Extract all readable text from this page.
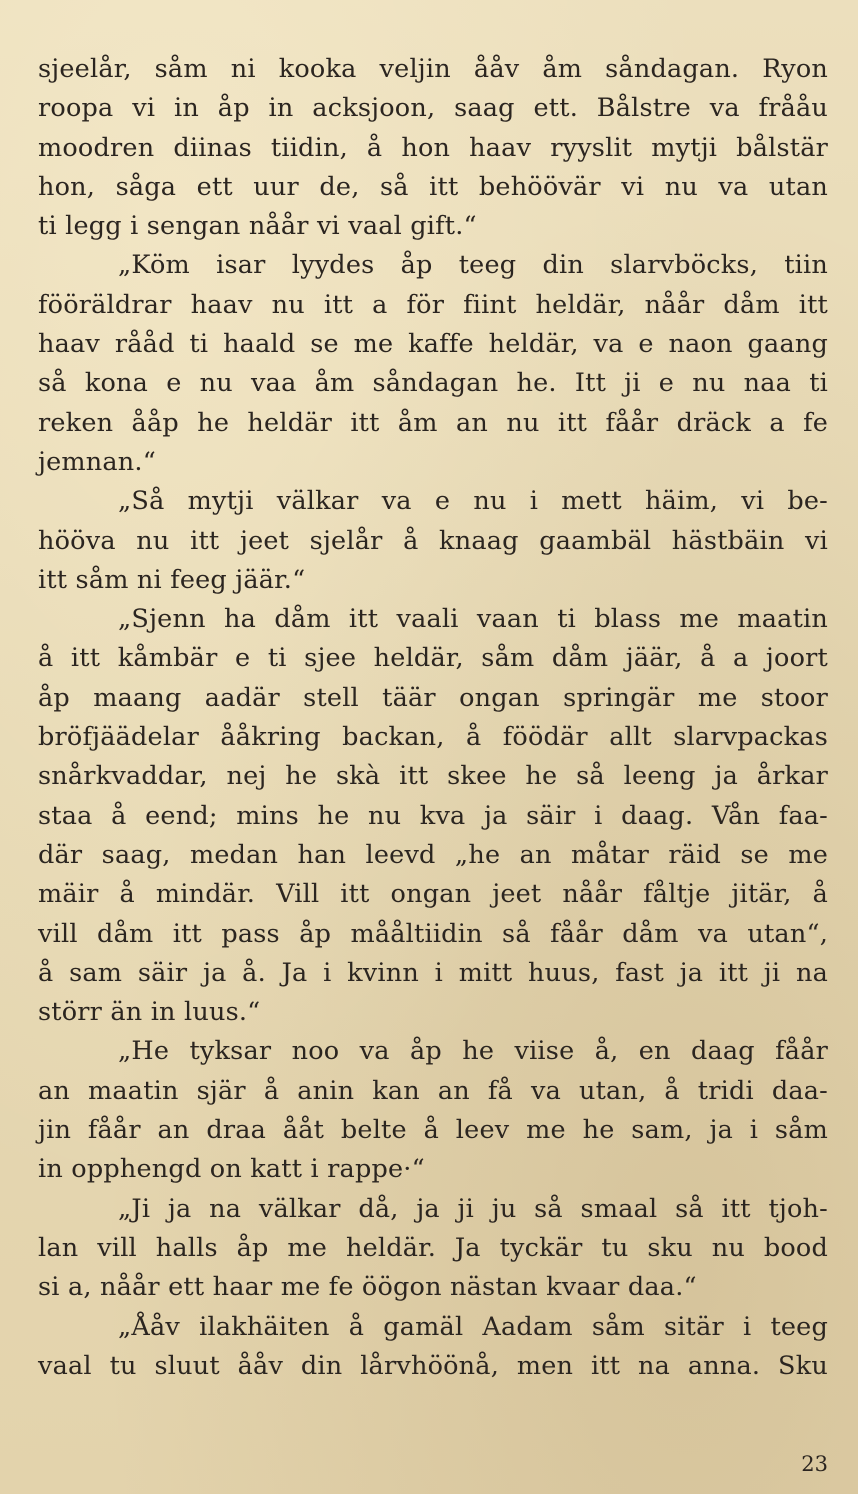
sjeelår, såm ni kooka veljin ååv åm såndagan. Ryon
roopa vi in åp in acksjoon, saag ett. Bålstre va frååu
moodren diinas tiidin, å hon haav ryyslit mytji bålstär
hon, såga ett uur de, så itt behöövär vi nu va utan
ti legg i sengan nåår vi vaal gift.“
„Köm isar lyydes åp teeg din slarvböcks, tiin
fööräldrar haav nu itt a för fiint heldär, nåår dåm itt
haav rååd ti haald se me kaffe heldär, va e naon gaang
så kona e nu vaa åm såndagan he. Itt ji e nu naa ti
reken ååp he heldär itt åm an nu itt fåår dräck a fe
jemnan.“
„Så mytji välkar va e nu i mett häim, vi be-
hööva nu itt jeet sjelår å knaag gaambäl hästbäin vi
itt såm ni feeg jäär.“
„Sjenn ha dåm itt vaali vaan ti blass me maatin
å itt kåmbär e ti sjee heldär, såm dåm jäär, å a joort
åp maang aadär stell täär ongan springär me stoor
bröfjäädelar ååkring backan, å föödär allt slarvpackas
snårkvaddar, nej he skà itt skee he så leeng ja årkar
staa å eend; mins he nu kva ja säir i daag. Vån faa-
där saag, medan han leevd „he an måtar räid se me
mäir å mindär. Vill itt ongan jeet nåår fåltje jitär, å
vill dåm itt pass åp mååltiidin så fåår dåm va utan“,
å sam säir ja å. Ja i kvinn i mitt huus, fast ja itt ji na
störr än in luus.“
„He tyksar noo va åp he viise å, en daag fåår
an maatin sjär å anin kan an få va utan, å tridi daa-
jin fåår an draa ååt belte å leev me he sam, ja i såm
in opphengd on katt i rappe·“
„Ji ja na välkar då, ja ji ju så smaal så itt tjoh-
lan vill halls åp me heldär. Ja tyckär tu sku nu bood
si a, nåår ett haar me fe öögon nästan kvaar daa.“
„Ååv ilakhäiten å gamäl Aadam såm sitär i teeg
vaal tu sluut ååv din lårvhöönå, men itt na anna. Sku
23
